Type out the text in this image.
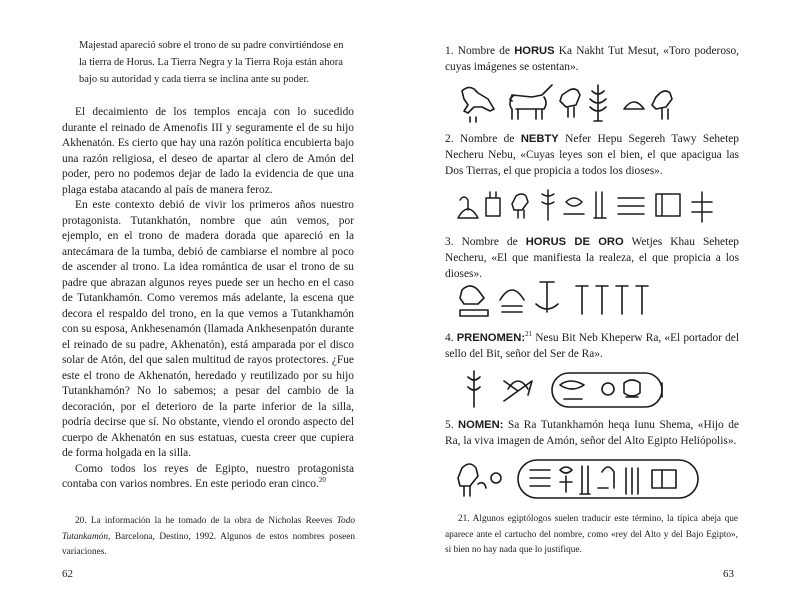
Majestad apareció sobre el trono de su padre convirtiéndose en

la tierra de Horus. La Tierra Negra y la Tierra Roja están ahora

bajo su autoridad y cada tierra se inclina ante su poder.

El decaimiento de los templos encaja con lo sucedido durante el reinado de Amenofis III y seguramente el de su hijo Akhenatón. Es cierto que hay una razón política encubierta bajo una razón religiosa, el deseo de apartar al clero de Amón del poder, pero no podemos dejar de lado la evidencia de que una plaga estaba atacando al país de manera feroz.

En este contexto debió de vivir los primeros años nuestro protagonista. Tutankhatón, nombre que aún vemos, por ejemplo, en el trono de madera dorada que apareció en la antecámara de la tumba, debió de cambiarse el nombre al poco de ascender al trono. La idea romántica de usar el trono de su padre que abrazan algunos reyes puede ser un hecho en el caso de Tutankhamón. Como veremos más adelante, la escena que decora el respaldo del trono, en la que vemos a Tutankhamón con su esposa, Ankhesenamón (llamada Ankhesenpatón durante el reinado de su padre, Akhenatón), está amparada por el disco solar de Atón, del que salen multitud de rayos protectores. ¿Fue este el trono de Akhenatón, heredado y reutilizado por su hijo Tutankhamón? No lo sabemos; a pesar del cambio de la decoración, por el deterioro de la parte inferior de la silla, podría decirse que sí. No obstante, viendo el orondo aspecto del cuerpo de Akhenatón en sus estatuas, cuesta creer que cupiera de forma holgada en la silla.

Como todos los reyes de Egipto, nuestro protagonista contaba con varios nombres. En este periodo eran cinco.$^{20}$

20. La información la he tomado de la obra de Nicholas Reeves Todo Tutankamón, Barcelona, Destino, 1992. Algunos de estos nombres poseen variaciones.
62
1. Nombre de HORUS Ka Nakht Tut Mesut, «Toro poderoso, cuyas imágenes se ostentan».
2. Nombre de NEBTY Nefer Hepu Segereh Tawy Sehetep Necheru Nebu, «Cuyas leyes son el bien, el que apacigua las Dos Tierras, el que propicia a todos los dioses».
3. Nombre de HORUS DE ORO Wetjes Khau Sehetep Necheru, «El que manifiesta la realeza, el que propicia a los dioses».
4. PRENOMEN:$^{21}$ Nesu Bit Neb Kheperw Ra, «El portador del sello del Bit, señor del Ser de Ra».
5. NOMEN: Sa Ra Tutankhamón heqa Iunu Shema, «Hijo de Ra, la viva imagen de Amón, señor del Alto Egipto Heliópolis».
21. Algunos egiptólogos suelen traducir este término, la típica abeja que aparece ante el cartucho del nombre, como «rey del Alto y del Bajo Egipto», si bien no hay nada que lo justifique.
63
